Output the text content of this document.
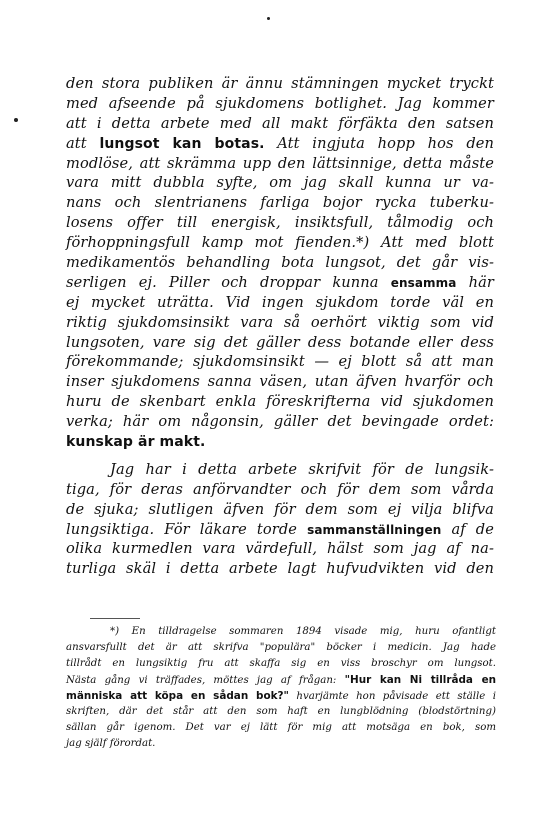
den stora publiken är ännu stämningen mycket tryckt
med afseende på sjukdomens botlighet. Jag kommer
att i detta arbete med all makt förfäkta den satsen
att lungsot kan botas. Att ingjuta hopp hos den
modlöse, att skrämma upp den lättsinnige, detta måste
vara mitt dubbla syfte, om jag skall kunna ur va-
nans och slentrianens farliga bojor rycka tuberku-
losens offer till energisk, insiktsfull, tålmodig och
förhoppningsfull kamp mot fienden.*) Att med blott
medikamentös behandling bota lungsot, det går vis-
serligen ej. Piller och droppar kunna ensamma här
ej mycket uträtta. Vid ingen sjukdom torde väl en
riktig sjukdomsinsikt vara så oerhört viktig som vid
lungsoten, vare sig det gäller dess botande eller dess
förekommande; sjukdomsinsikt — ej blott så att man
inser sjukdomens sanna väsen, utan äfven hvarför och
huru de skenbart enkla föreskrifterna vid sjukdomen
verka; här om någonsin, gäller det bevingade ordet:
kunskap är makt.
Jag har i detta arbete skrifvit för de lungsik-
tiga, för deras anförvandter och för dem som vårda
de sjuka; slutligen äfven för dem som ej vilja blifva
lungsiktiga. För läkare torde sammanställningen af de
olika kurmedlen vara värdefull, hälst som jag af na-
turliga skäl i detta arbete lagt hufvudvikten vid den
*) En tilldragelse sommaren 1894 visade mig, huru ofantligt
ansvarsfullt det är att skrifva "populära" böcker i medicin. Jag hade
tillrådt en lungsiktig fru att skaffa sig en viss broschyr om lungsot.
Nästa gång vi träffades, möttes jag af frågan: "Hur kan Ni tillråda en
människa att köpa en sådan bok?" hvarjämte hon påvisade ett ställe i
skriften, där det står att den som haft en lungblödning (blodstörtning)
sällan går igenom. Det var ej lätt för mig att motsäga en bok, som
jag själf förordat.
